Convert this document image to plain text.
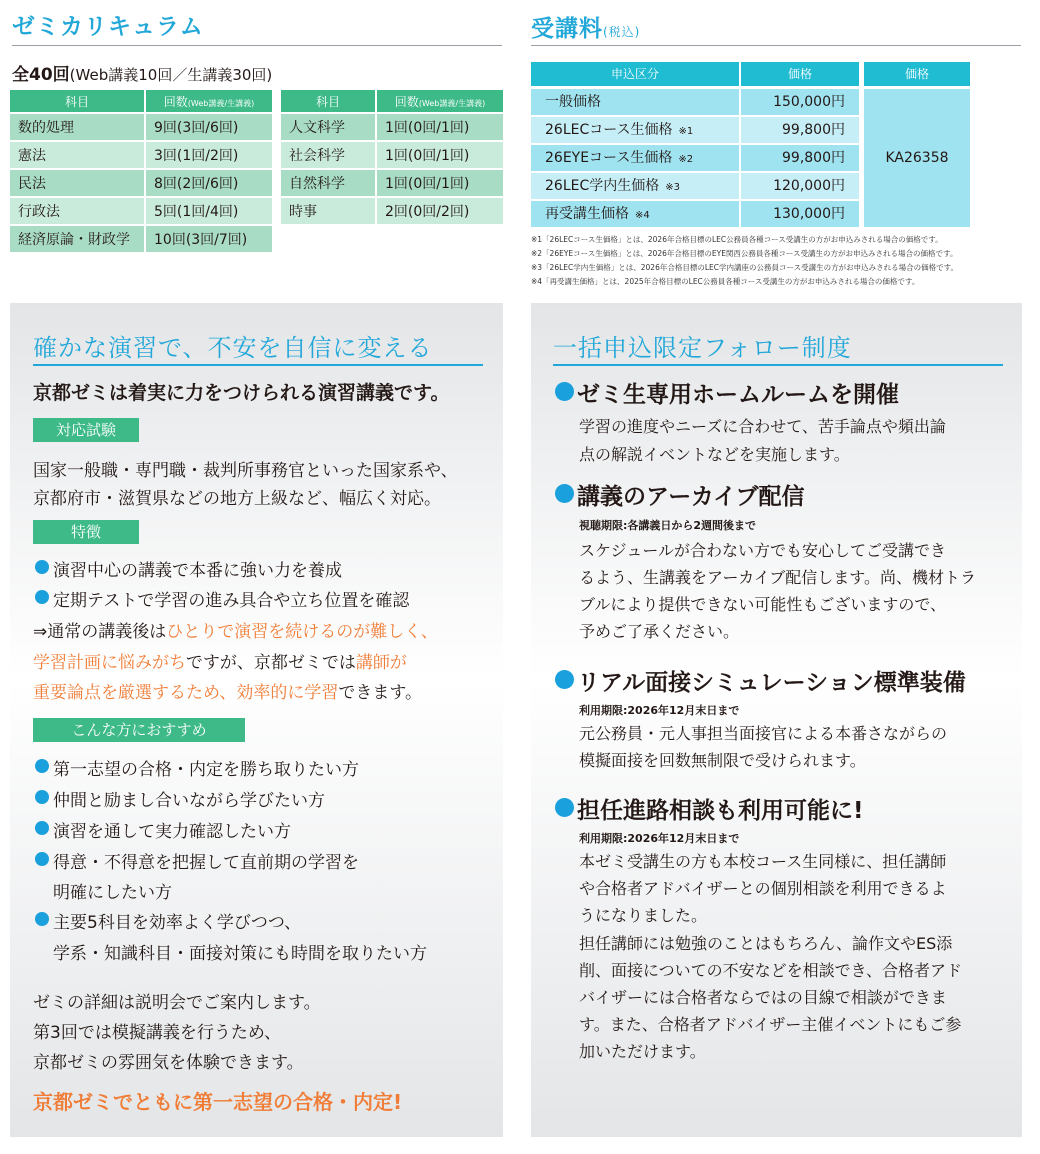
ゼミカリキュラム
全40回(Web講義10回／生講義30回)
科目	回数(Web講義/生講義)
数的処理	9回(3回/6回)
憲法	3回(1回/2回)
民法	8回(2回/6回)
行政法	5回(1回/4回)
経済原論・財政学	10回(3回/7回)
科目	回数(Web講義/生講義)
人文科学	1回(0回/1回)
社会科学	1回(0回/1回)
自然科学	1回(0回/1回)
時事	2回(0回/2回)
受講料(税込)
申込区分	価格	価格
一般価格	150,000円
26LECコース生価格 ※1	99,800円
26EYEコース生価格 ※2	99,800円
26LEC学内生価格 ※3	120,000円
再受講生価格 ※4	130,000円
KA26358
※1「26LECコース生価格」とは、2026年合格目標のLEC公務員各種コース受講生の方がお申込みされる場合の価格です。
※2「26EYEコース生価格」とは、2026年合格目標のEYE関西公務員各種コース受講生の方がお申込みされる場合の価格です。
※3「26LEC学内生価格」とは、2026年合格目標のLEC学内講座の公務員コース受講生の方がお申込みされる場合の価格です。
※4「再受講生価格」とは、2025年合格目標のLEC公務員各種コース受講生の方がお申込みされる場合の価格です。
確かな演習で、不安を自信に変える
京都ゼミは着実に力をつけられる演習講義です。
対応試験
国家一般職・専門職・裁判所事務官といった国家系や、
京都府市・滋賀県などの地方上級など、幅広く対応。
特徴
演習中心の講義で本番に強い力を養成
定期テストで学習の進み具合や立ち位置を確認
⇒通常の講義後はひとりで演習を続けるのが難しく、
学習計画に悩みがちですが、京都ゼミでは講師が
重要論点を厳選するため、効率的に学習できます。
こんな方におすすめ
第一志望の合格・内定を勝ち取りたい方
仲間と励まし合いながら学びたい方
演習を通して実力確認したい方
得意・不得意を把握して直前期の学習を
明確にしたい方
主要5科目を効率よく学びつつ、
学系・知識科目・面接対策にも時間を取りたい方
ゼミの詳細は説明会でご案内します。
第3回では模擬講義を行うため、
京都ゼミの雰囲気を体験できます。
京都ゼミでともに第一志望の合格・内定!
一括申込限定フォロー制度
ゼミ生専用ホームルームを開催
学習の進度やニーズに合わせて、苦手論点や頻出論
点の解説イベントなどを実施します。
講義のアーカイブ配信
視聴期限:各講義日から2週間後まで
スケジュールが合わない方でも安心してご受講でき
るよう、生講義をアーカイブ配信します。尚、機材トラ
ブルにより提供できない可能性もございますので、
予めご了承ください。
リアル面接シミュレーション標準装備
利用期限:2026年12月末日まで
元公務員・元人事担当面接官による本番さながらの
模擬面接を回数無制限で受けられます。
担任進路相談も利用可能に!
利用期限:2026年12月末日まで
本ゼミ受講生の方も本校コース生同様に、担任講師
や合格者アドバイザーとの個別相談を利用できるよ
うになりました。
担任講師には勉強のことはもちろん、論作文やES添
削、面接についての不安などを相談でき、合格者アド
バイザーには合格者ならではの目線で相談ができま
す。また、合格者アドバイザー主催イベントにもご参
加いただけます。
